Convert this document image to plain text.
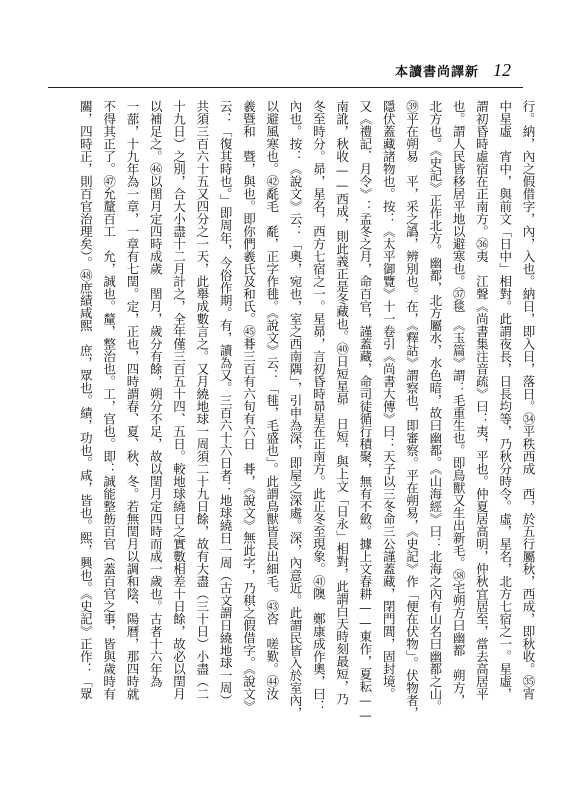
本讀書尚譯新 12
行。納，內之假借字，內，入也。納日，即入日，落日。㉞平秩西成　西，於五行屬秋，西成，即秋收。㉟宵
中星虛　宵中，與前文「日中」相對。此謂夜長，日長均等，乃秋分時令。虛，星名，北方七宿之一。星虛，
謂初昏時虛宿在正南方。㊱夷　江聲《尚書集注音疏》曰：夷，平也。仲夏居高明，仲秋宜居至，當去高居平
也。謂人民皆移居平地以避寒也。㊲毯　《玉篇》謂：毛重生也。即鳥獸又生出新毛。㊳宅朔方曰幽都　朔方，
北方也。《史記》正作北方。幽都，北方屬水，水色暗，故曰幽都。《山海經》曰：北海之內有山名曰幽都之山。
㊴平在朔易　平，采之譌，辨別也。在，《釋詁》謂察也，即審察。平在朔易，《史記》作「便在伏物」。伏物者，
隱伏蓋藏諸物也。按：《太平御覽》十一卷引《尚書大傳》曰：天子以三冬命三公謹蓋藏，閉門閭，固封境。
又《禮記．月令》：孟冬之月，命百官，謹蓋藏，命司徒循行積聚，無有不斂。據上文春耕——東作，夏耘——
南訛，秋收——西成，則此義正是冬藏也。㊵日短星昴　日短，與上文「日永」相對，此謂白天時刻最短，乃
冬至時分。昴，星名，西方七宿之一。星昴，言初昏時昴星在正南方。此正冬至現象。㊶隩　鄭康成作奧，曰：
內也。按：《說文》云：「奧，宛也，室之西南隅」，引申為深，即屋之深處。深，內意近。此謂民皆入於室內，
以避風寒也。㊷氄毛　氄，正字作毴。《說文》云：「毴，毛盛也」。此謂鳥獸皆長出細毛。㊸咨　嗟歎。㊹汝
羲暨和　暨，與也。即你們羲氏及和氏。㊺朞三百有六旬有六日　朞，《說文》無此字，乃稘之假借字。《說文》
云：「復其時也。」即周年，今俗作期。有，讀為又。三百六十六日者：地球繞日一周（古文謂日繞地球一周）
共須三百六十五又四分之一天，此舉成數言之。又月繞地球一周須二十九日餘，故有大盡（三十日）小盡（二
十九日）之別，合大小盡十二月計之，全年僅三百五十四、五日。較地球繞日之實數相差十日餘，故必以閏月
以補足之。㊻以閏月定四時成歲　閏月，歲分有餘，朔分不足，故以閏月定四時而成一歲也。古者十六年為
一蔀，十九年為一章，一章有七閏。定，正也，四時謂春、夏、秋、冬。若無閏月以調和陰、陽曆，那四時就
不得其正了。㊼允釐百工　允，誠也。釐，整治也。工，官也。即：誠能整飭百官（蓋百官之事，皆與歲時有
關，四時正，則百官治理矣）。㊽庶績咸熙　庶，眾也。績，功也。咸，皆也。熙，興也。《史記》正作：「眾
